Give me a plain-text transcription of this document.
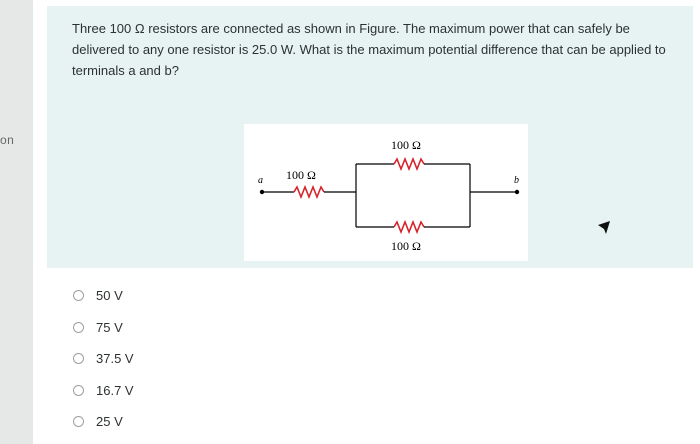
on
Three 100 Ω resistors are connected as shown in Figure. The maximum power that can safely be delivered to any one resistor is 25.0 W. What is the maximum potential difference that can be applied to terminals a and b?
a 100 Ω
100 Ω
100 Ω
b
50 V
75 V
37.5 V
16.7 V
25 V
